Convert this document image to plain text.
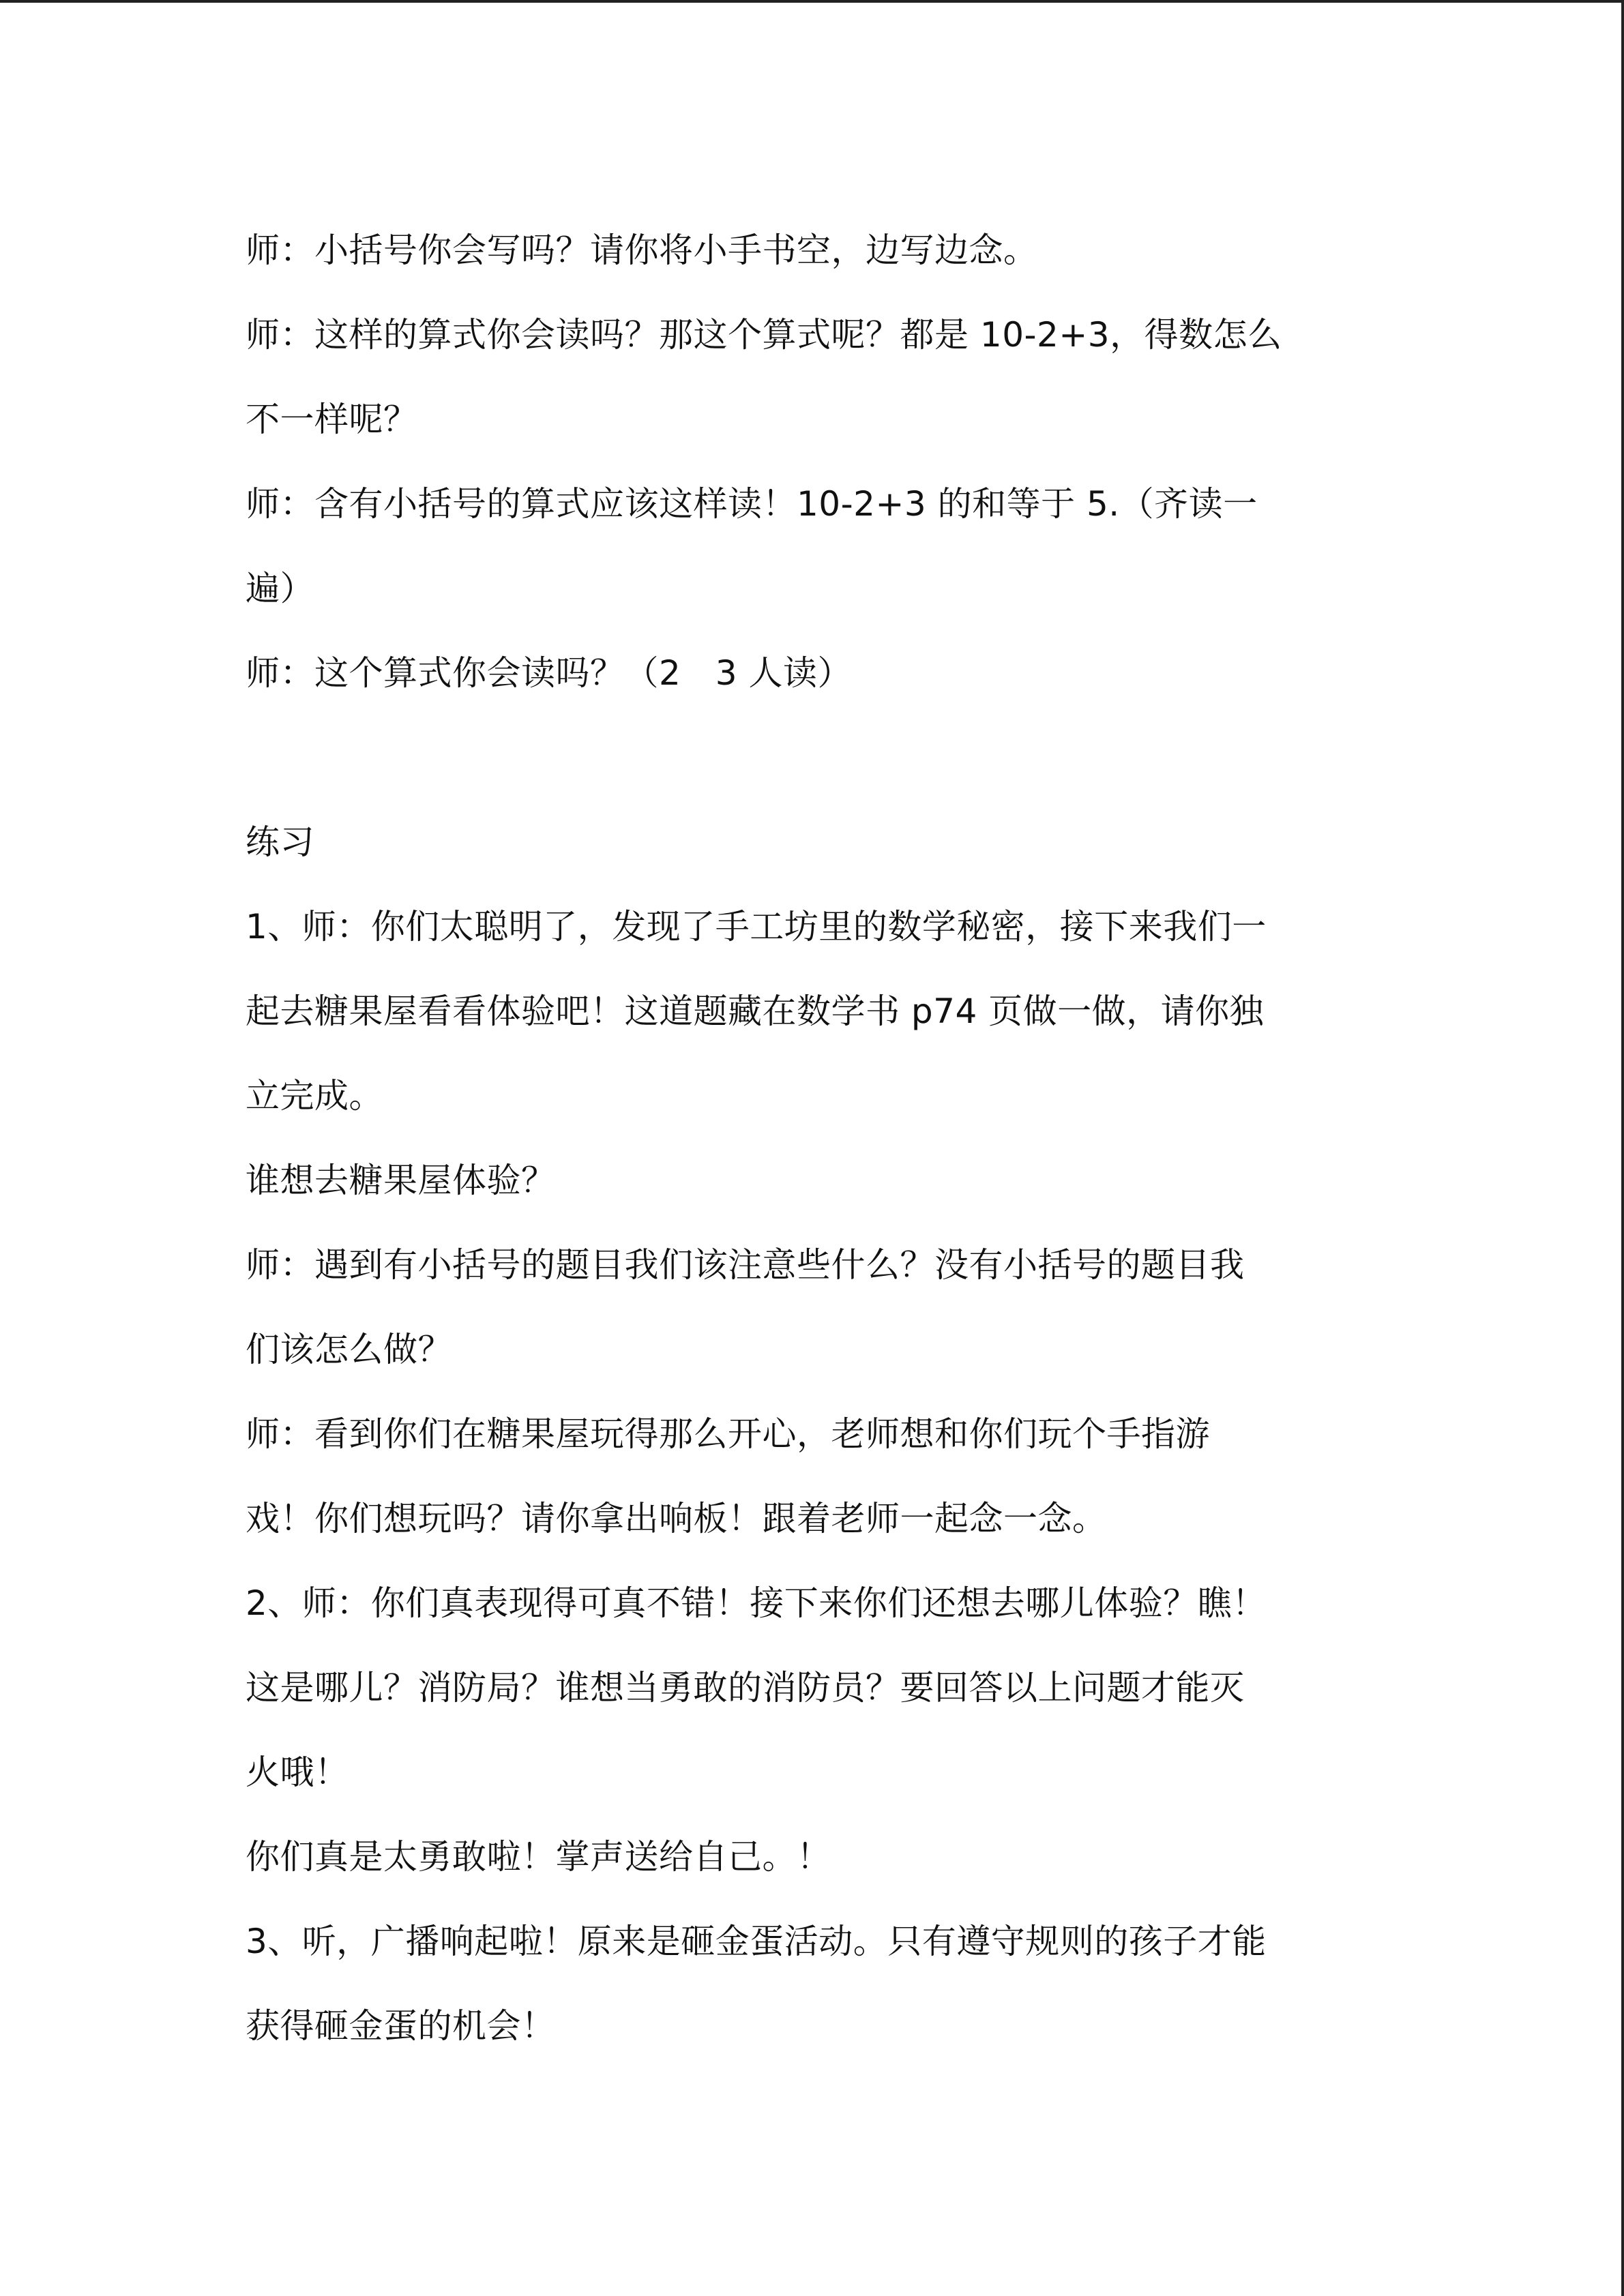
师：小括号你会写吗？请你将小手书空，边写边念。
师：这样的算式你会读吗？那这个算式呢？都是 10-2+3，得数怎么
不一样呢？
师：含有小括号的算式应该这样读！10-2+3 的和等于 5.（齐读一
遍）
师：这个算式你会读吗？（2　3 人读）
练习
1、师：你们太聪明了，发现了手工坊里的数学秘密，接下来我们一
起去糖果屋看看体验吧！这道题藏在数学书 p74 页做一做，请你独
立完成。
谁想去糖果屋体验？
师：遇到有小括号的题目我们该注意些什么？没有小括号的题目我
们该怎么做？
师：看到你们在糖果屋玩得那么开心，老师想和你们玩个手指游
戏！你们想玩吗？请你拿出响板！跟着老师一起念一念。
2、师：你们真表现得可真不错！接下来你们还想去哪儿体验？瞧！
这是哪儿？消防局？谁想当勇敢的消防员？要回答以上问题才能灭
火哦！
你们真是太勇敢啦！掌声送给自己。！
3、听，广播响起啦！原来是砸金蛋活动。只有遵守规则的孩子才能
获得砸金蛋的机会！
